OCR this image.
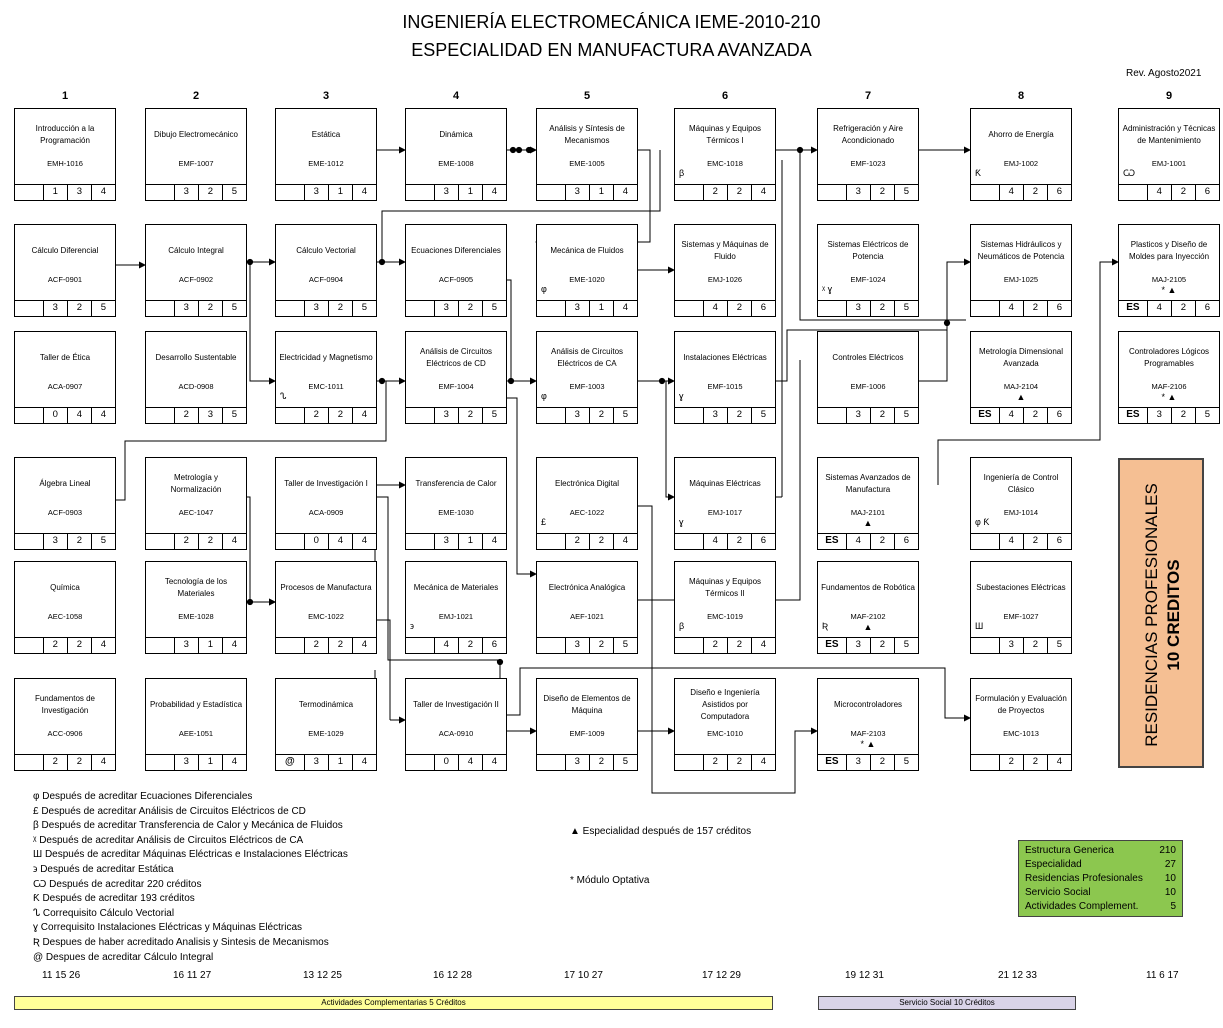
INGENIERÍA ELECTROMECÁNICA IEME-2010-210
ESPECIALIDAD EN MANUFACTURA AVANZADA
Rev. Agosto2021
1	2	3	4	5	6	7	8	9
Introducción a la Programación
EMH-1016
1	3	4
Cálculo Diferencial
ACF-0901
3	2	5
Taller de Ética
ACA-0907
0	4	4
Álgebra Lineal
ACF-0903
3	2	5
Química
AEC-1058
2	2	4
Fundamentos de Investigación
ACC-0906
2	2	4
Dibujo Electromecánico
EMF-1007
3	2	5
Cálculo Integral
ACF-0902
3	2	5
Desarrollo Sustentable
ACD-0908
2	3	5
Metrología y Normalización
AEC-1047
2	2	4
Tecnología de los Materiales
EME-1028
3	1	4
Probabilidad y Estadística
AEE-1051
3	1	4
Estática
EME-1012
3	1	4
Cálculo Vectorial
ACF-0904
3	2	5
Electricidad y Magnetismo
EMC-1011
ᔐ
2	2	4
Taller de Investigación I
ACA-0909
0	4	4
Procesos de Manufactura
EMC-1022
2	2	4
Termodinámica
EME-1029
@	3	1	4
Dinámica
EME-1008
3	1	4
Ecuaciones Diferenciales
ACF-0905
3	2	5
Análisis de Circuitos Eléctricos de CD
EMF-1004
3	2	5
Transferencia de Calor
EME-1030
3	1	4
Mecánica de Materiales
EMJ-1021
϶
4	2	6
Taller de Investigación II
ACA-0910
0	4	4
Análisis y Síntesis de Mecanismos
EME-1005
3	1	4
Mecánica de Fluidos
EME-1020
φ
3	1	4
Análisis de Circuitos Eléctricos de CA
EMF-1003
φ
3	2	5
Electrónica Digital
AEC-1022
£
2	2	4
Electrónica Analógica
AEF-1021
3	2	5
Diseño de Elementos de Máquina
EMF-1009
3	2	5
Máquinas y Equipos Térmicos I
EMC-1018
β
2	2	4
Sistemas y Máquinas de Fluido
EMJ-1026
4	2	6
Instalaciones Eléctricas
EMF-1015
ɣ
3	2	5
Máquinas Eléctricas
EMJ-1017
ɣ
4	2	6
Máquinas y Equipos Térmicos II
EMC-1019
β
2	2	4
Diseño e Ingeniería Asistidos por Computadora
EMC-1010
2	2	4
Refrigeración y Aire Acondicionado
EMF-1023
3	2	5
Sistemas Eléctricos de Potencia
EMF-1024
ᵡ ɣ
3	2	5
Controles Eléctricos
EMF-1006
3	2	5
Sistemas Avanzados de Manufactura
MAJ-2101
▲
ES	4	2	6
Fundamentos de Robótica
MAF-2102
Ʀ	▲
ES	3	2	5
Microcontroladores
MAF-2103
* ▲
ES	3	2	5
Ahorro de Energía
EMJ-1002
Ƙ
4	2	6
Sistemas Hidráulicos y Neumáticos de Potencia
EMJ-1025
4	2	6
Metrología Dimensional Avanzada
MAJ-2104
▲
ES	4	2	6
Ingeniería de Control Clásico
EMJ-1014
φ Ƙ
4	2	6
Subestaciones Eléctricas
EMF-1027
Ш
3	2	5
Formulación y Evaluación de Proyectos
EMC-1013
2	2	4
Administración y Técnicas de Mantenimiento
EMJ-1001
Ѡ
4	2	6
Plasticos y Diseño de Moldes para Inyección
MAJ-2105
* ▲
ES	4	2	6
Controladores Lógicos Programables
MAF-2106
* ▲
ES	3	2	5
φ Después de acreditar Ecuaciones Diferenciales
£ Después de acreditar Análisis de Circuitos Eléctricos de CD
β Después de acreditar Transferencia de Calor y Mecánica de Fluidos
ᵡ Después de acreditar Análisis de Circuitos Eléctricos de CA
Ш Después de acreditar Máquinas Eléctricas e Instalaciones Eléctricas
϶ Después de acreditar Estática
Ѡ Después de acreditar 220 créditos
Ƙ Después de acreditar 193 créditos
ᔐ Correquisito Cálculo Vectorial
ɣ Correquisito Instalaciones Eléctricas y Máquinas Eléctricas
Ʀ Despues de haber acreditado Analisis y Sintesis de Mecanismos
@ Despues de acreditar Cálculo Integral
▲ Especialidad después de 157 créditos
* Módulo Optativa
Estructura Generica	210
Especialidad	27
Residencias Profesionales 10
Servicio Social	10
Actividades Complement.	5
RESIDENCIAS PROFESIONALES 10 CREDITOS
11 15 26	16 11 27	13 12 25	16 12 28	17 10 27	17 12 29	19 12 31	21 12 33	11 6 17
Actividades Complementarias 5 Créditos	Servicio Social 10 Créditos
